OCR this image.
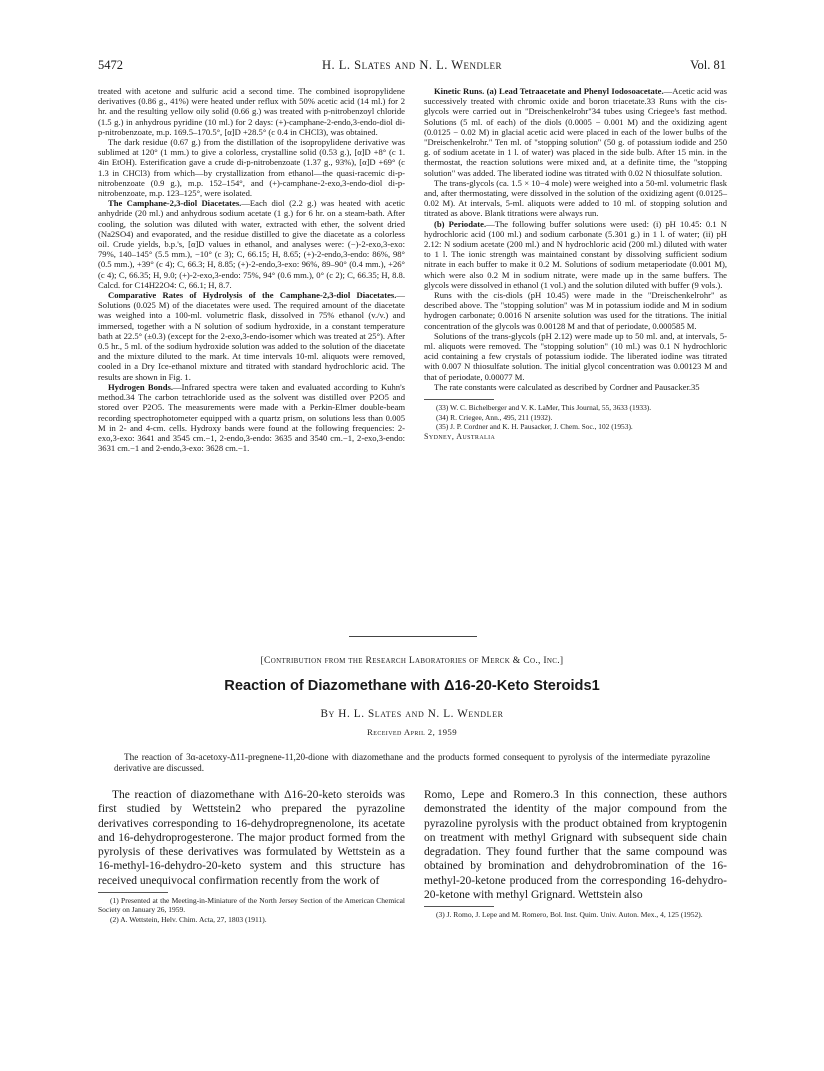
5472	H. L. Slates and N. L. Wendler	Vol. 81

treated with acetone and sulfuric acid a second time. The combined isopropylidene derivatives (0.86 g., 41%) were heated under reflux with 50% acetic acid (14 ml.) for 2 hr. and the resulting yellow oily solid (0.66 g.) was treated with p-nitrobenzoyl chloride (1.5 g.) in anhydrous pyridine (10 ml.) for 2 days: (+)-camphane-2-endo,3-endo-diol di-p-nitrobenzoate, m.p. 169.5–170.5°, [α]D +28.5° (c 0.4 in CHCl3), was obtained.

The dark residue (0.67 g.) from the distillation of the isopropylidene derivative was sublimed at 120° (1 mm.) to give a colorless, crystalline solid (0.53 g.), [α]D +8° (c 1. 4in EtOH). Esterification gave a crude di-p-nitrobenzoate (1.37 g., 93%), [α]D +69° (c 1.3 in CHCl3) from which—by crystallization from ethanol—the quasi-racemic di-p-nitrobenzoate (0.9 g.), m.p. 152–154°, and (+)-camphane-2-exo,3-endo-diol di-p-nitrobenzoate, m.p. 123–125°, were isolated.

The Camphane-2,3-diol Diacetates.—Each diol (2.2 g.) was heated with acetic anhydride (20 ml.) and anhydrous sodium acetate (1 g.) for 6 hr. on a steam-bath. After cooling, the solution was diluted with water, extracted with ether, the solvent dried (Na2SO4) and evaporated, and the residue distilled to give the diacetate as a colorless oil. Crude yields, b.p.'s, [α]D values in ethanol, and analyses were: (−)-2-exo,3-exo: 79%, 140–145° (5.5 mm.), −10° (c 3); C, 66.15; H, 8.65; (+)-2-endo,3-endo: 86%, 98° (0.5 mm.), +39° (c 4); C, 66.3; H, 8.85; (+)-2-endo,3-exo: 96%, 89–90° (0.4 mm.), +26° (c 4); C, 66.35; H, 9.0; (+)-2-exo,3-endo: 75%, 94° (0.6 mm.), 0° (c 2); C, 66.35; H, 8.8. Calcd. for C14H22O4: C, 66.1; H, 8.7.

Comparative Rates of Hydrolysis of the Camphane-2,3-diol Diacetates.—Solutions (0.025 M) of the diacetates were used. The required amount of the diacetate was weighed into a 100-ml. volumetric flask, dissolved in 75% ethanol (v./v.) and immersed, together with a N solution of sodium hydroxide, in a constant temperature bath at 22.5° (±0.3) (except for the 2-exo,3-endo-isomer which was treated at 25°). After 0.5 hr., 5 ml. of the sodium hydroxide solution was added to the solution of the diacetate and the mixture diluted to the mark. At time intervals 10-ml. aliquots were removed, cooled in a Dry Ice-ethanol mixture and titrated with standard hydrochloric acid. The results are shown in Fig. 1.

Hydrogen Bonds.—Infrared spectra were taken and evaluated according to Kuhn's method.34 The carbon tetrachloride used as the solvent was distilled over P2O5 and stored over P2O5. The measurements were made with a Perkin-Elmer double-beam recording spectrophotometer equipped with a quartz prism, on solutions less than 0.005 M in 2- and 4-cm. cells. Hydroxy bands were found at the following frequencies: 2-exo,3-exo: 3641 and 3545 cm.−1, 2-endo,3-endo: 3635 and 3540 cm.−1, 2-exo,3-endo: 3631 cm.−1 and 2-endo,3-exo: 3628 cm.−1.

Kinetic Runs. (a) Lead Tetraacetate and Phenyl Iodosoacetate.—Acetic acid was successively treated with chromic oxide and boron triacetate.33 Runs with the cis-glycols were carried out in "Dreischenkelrohr"34 tubes using Criegee's fast method. Solutions (5 ml. of each) of the diols (0.0005 − 0.001 M) and the oxidizing agent (0.0125 − 0.02 M) in glacial acetic acid were placed in each of the lower bulbs of the "Dreischenkelrohr." Ten ml. of "stopping solution" (50 g. of potassium iodide and 250 g. of sodium acetate in 1 l. of water) was placed in the side bulb. After 15 min. in the thermostat, the reaction solutions were mixed and, at a definite time, the "stopping solution" was added. The liberated iodine was titrated with 0.02 N thiosulfate solution.

The trans-glycols (ca. 1.5 × 10−4 mole) were weighed into a 50-ml. volumetric flask and, after thermostating, were dissolved in the solution of the oxidizing agent (0.0125–0.02 M). At intervals, 5-ml. aliquots were added to 10 ml. of stopping solution and titrated as above. Blank titrations were always run.

(b) Periodate.—The following buffer solutions were used: (i) pH 10.45: 0.1 N hydrochloric acid (100 ml.) and sodium carbonate (5.301 g.) in 1 l. of water; (ii) pH 2.12: N sodium acetate (200 ml.) and N hydrochloric acid (200 ml.) diluted with water to 1 l. The ionic strength was maintained constant by dissolving sufficient sodium nitrate in each buffer to make it 0.2 M. Solutions of sodium metaperiodate (0.001 M), which were also 0.2 M in sodium nitrate, were made up in the same buffers. The glycols were dissolved in ethanol (1 vol.) and the solution diluted with buffer (9 vols.).

Runs with the cis-diols (pH 10.45) were made in the "Dreischenkelrohr" as described above. The "stopping solution" was M in potassium iodide and M in sodium hydrogen carbonate; 0.0016 N arsenite solution was used for the titrations. The initial concentration of the glycols was 0.00128 M and that of periodate, 0.000585 M.

Solutions of the trans-glycols (pH 2.12) were made up to 50 ml. and, at intervals, 5-ml. aliquots were removed. The "stopping solution" (10 ml.) was 0.1 N hydrochloric acid containing a few crystals of potassium iodide. The liberated iodine was titrated with 0.007 N thiosulfate solution. The initial glycol concentration was 0.00123 M and that of periodate, 0.00077 M.

The rate constants were calculated as described by Cordner and Pausacker.35

(33) W. C. Bichelberger and V. K. LaMer, This Journal, 55, 3633 (1933).

(34) R. Criegee, Ann., 495, 211 (1932).

(35) J. P. Cordner and K. H. Pausacker, J. Chem. Soc., 102 (1953).

Sydney, Australia

[Contribution from the Research Laboratories of Merck & Co., Inc.]
Reaction of Diazomethane with Δ16-20-Keto Steroids1
By H. L. Slates and N. L. Wendler
Received April 2, 1959
The reaction of 3α-acetoxy-Δ11-pregnene-11,20-dione with diazomethane and the products formed consequent to pyrolysis of the intermediate pyrazoline derivative are discussed.

The reaction of diazomethane with Δ16-20-keto steroids was first studied by Wettstein2 who prepared the pyrazoline derivatives corresponding to 16-dehydropregnenolone, its acetate and 16-dehydroprogesterone. The major product formed from the pyrolysis of these derivatives was formulated by Wettstein as a 16-methyl-16-dehydro-20-keto system and this structure has received unequivocal confirmation recently from the work of

(1) Presented at the Meeting-in-Miniature of the North Jersey Section of the American Chemical Society on January 26, 1959.

(2) A. Wettstein, Helv. Chim. Acta, 27, 1803 (1911).

Romo, Lepe and Romero.3 In this connection, these authors demonstrated the identity of the major compound from the pyrazoline pyrolysis with the product obtained from kryptogenin on treatment with methyl Grignard with subsequent side chain degradation. They found further that the same compound was obtained by bromination and dehydrobromination of the 16-methyl-20-ketone produced from the corresponding 16-dehydro-20-ketone with methyl Grignard. Wettstein also

(3) J. Romo, J. Lepe and M. Romero, Bol. Inst. Quim. Univ. Auton. Mex., 4, 125 (1952).
